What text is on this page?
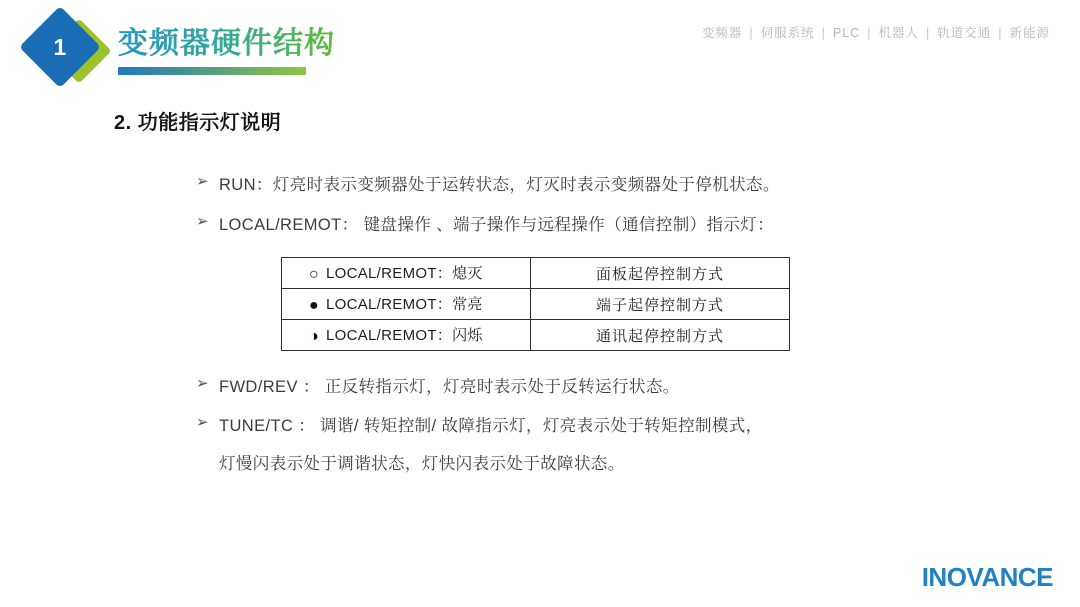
1 变频器硬件结构	变频器 | 伺服系统 | PLC | 机器人 | 轨道交通 | 新能源
2. 功能指示灯说明
➢ RUN：灯亮时表示变频器处于运转状态，灯灭时表示变频器处于停机状态。
➢ LOCAL/REMOT： 键盘操作 、端子操作与远程操作（通信控制）指示灯：
○ LOCAL/REMOT：熄灭	面板起停控制方式
● LOCAL/REMOT：常亮	端子起停控制方式
◑ LOCAL/REMOT：闪烁	通讯起停控制方式
➢ FWD/REV ： 正反转指示灯，灯亮时表示处于反转运行状态。
➢ TUNE/TC ： 调谐/ 转矩控制/ 故障指示灯，灯亮表示处于转矩控制模式，
灯慢闪表示处于调谐状态，灯快闪表示处于故障状态。
INOVANCE
